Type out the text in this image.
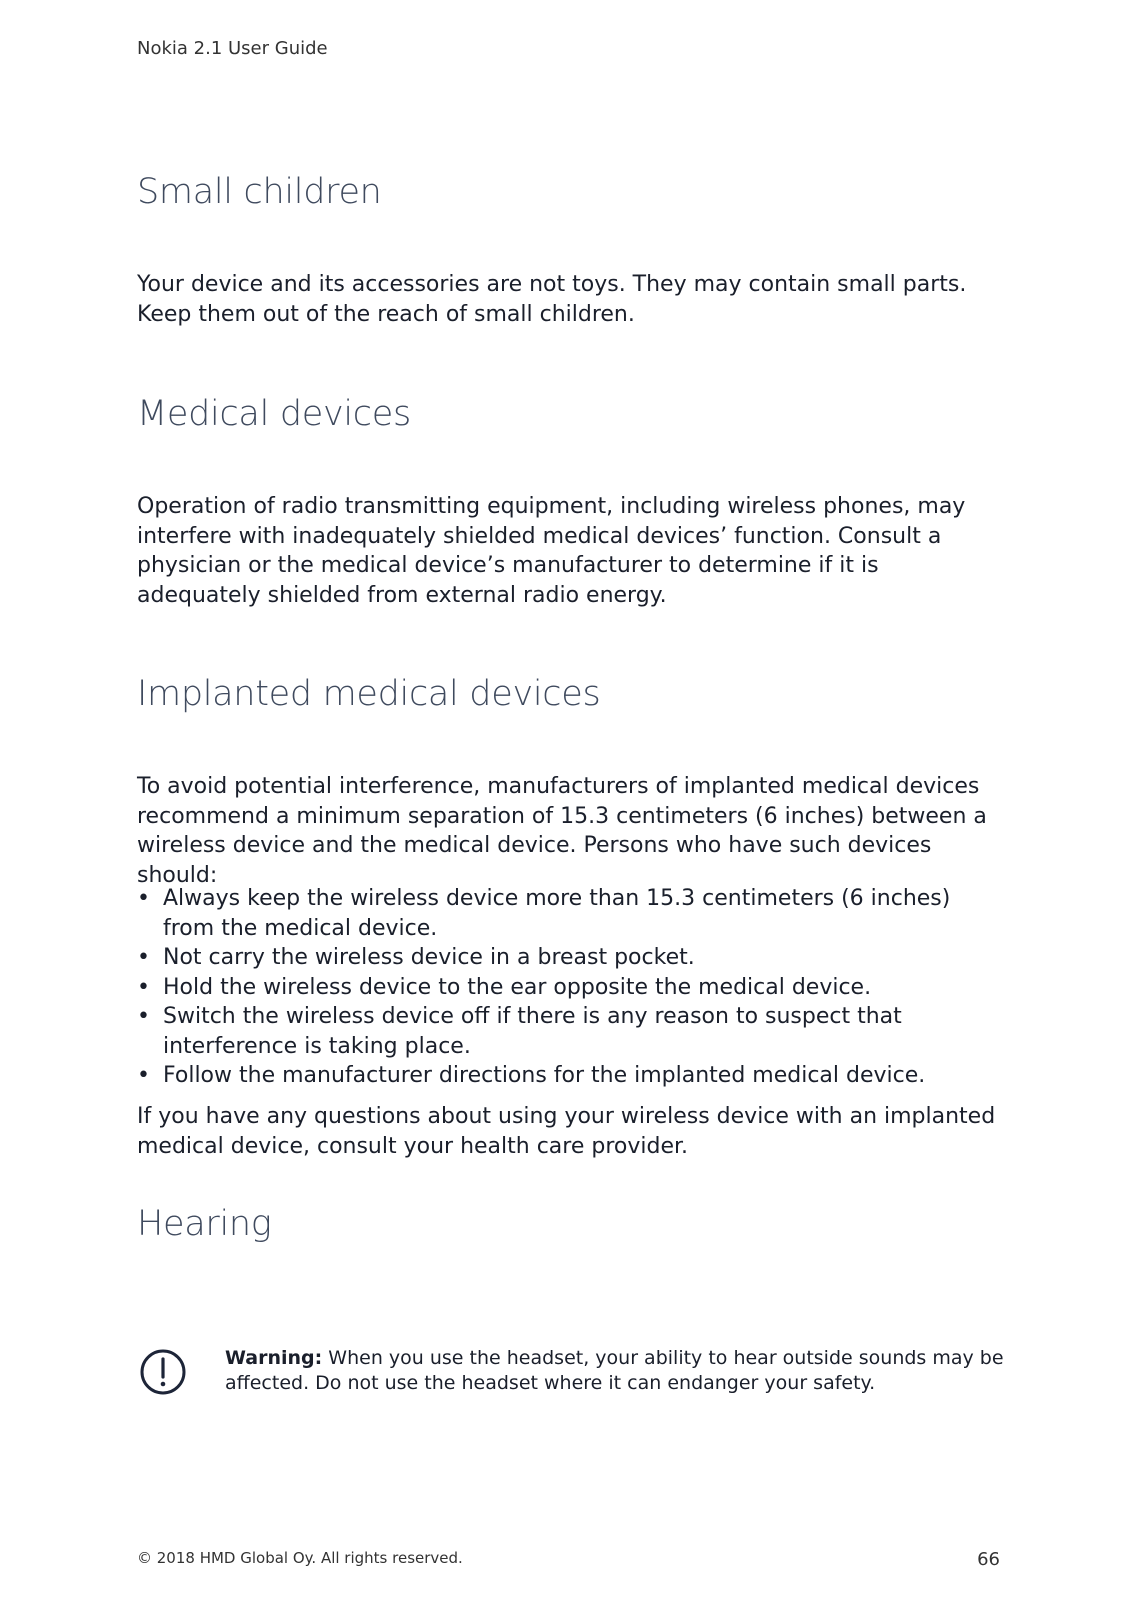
Nokia 2.1 User Guide
Small children

Your device and its accessories are not toys. They may contain small parts. Keep them out of the reach of small children.

Medical devices

Operation of radio transmitting equipment, including wireless phones, may interfere with inadequately shielded medical devices’ function. Consult a physician or the medical device’s manufacturer to determine if it is adequately shielded from external radio energy.

Implanted medical devices

To avoid potential interference, manufacturers of implanted medical devices recommend a minimum separation of 15.3 centimeters (6 inches) between a wireless device and the medical device. Persons who have such devices should:

• Always keep the wireless device more than 15.3 centimeters (6 inches) from the medical device.
• Not carry the wireless device in a breast pocket.
• Hold the wireless device to the ear opposite the medical device.
• Switch the wireless device off if there is any reason to suspect that interference is taking place.
• Follow the manufacturer directions for the implanted medical device.

If you have any questions about using your wireless device with an implanted medical device, consult your health care provider.

Hearing

Warning: When you use the headset, your ability to hear outside sounds may be affected. Do not use the headset where it can endanger your safety.

© 2018 HMD Global Oy. All rights reserved.	66
